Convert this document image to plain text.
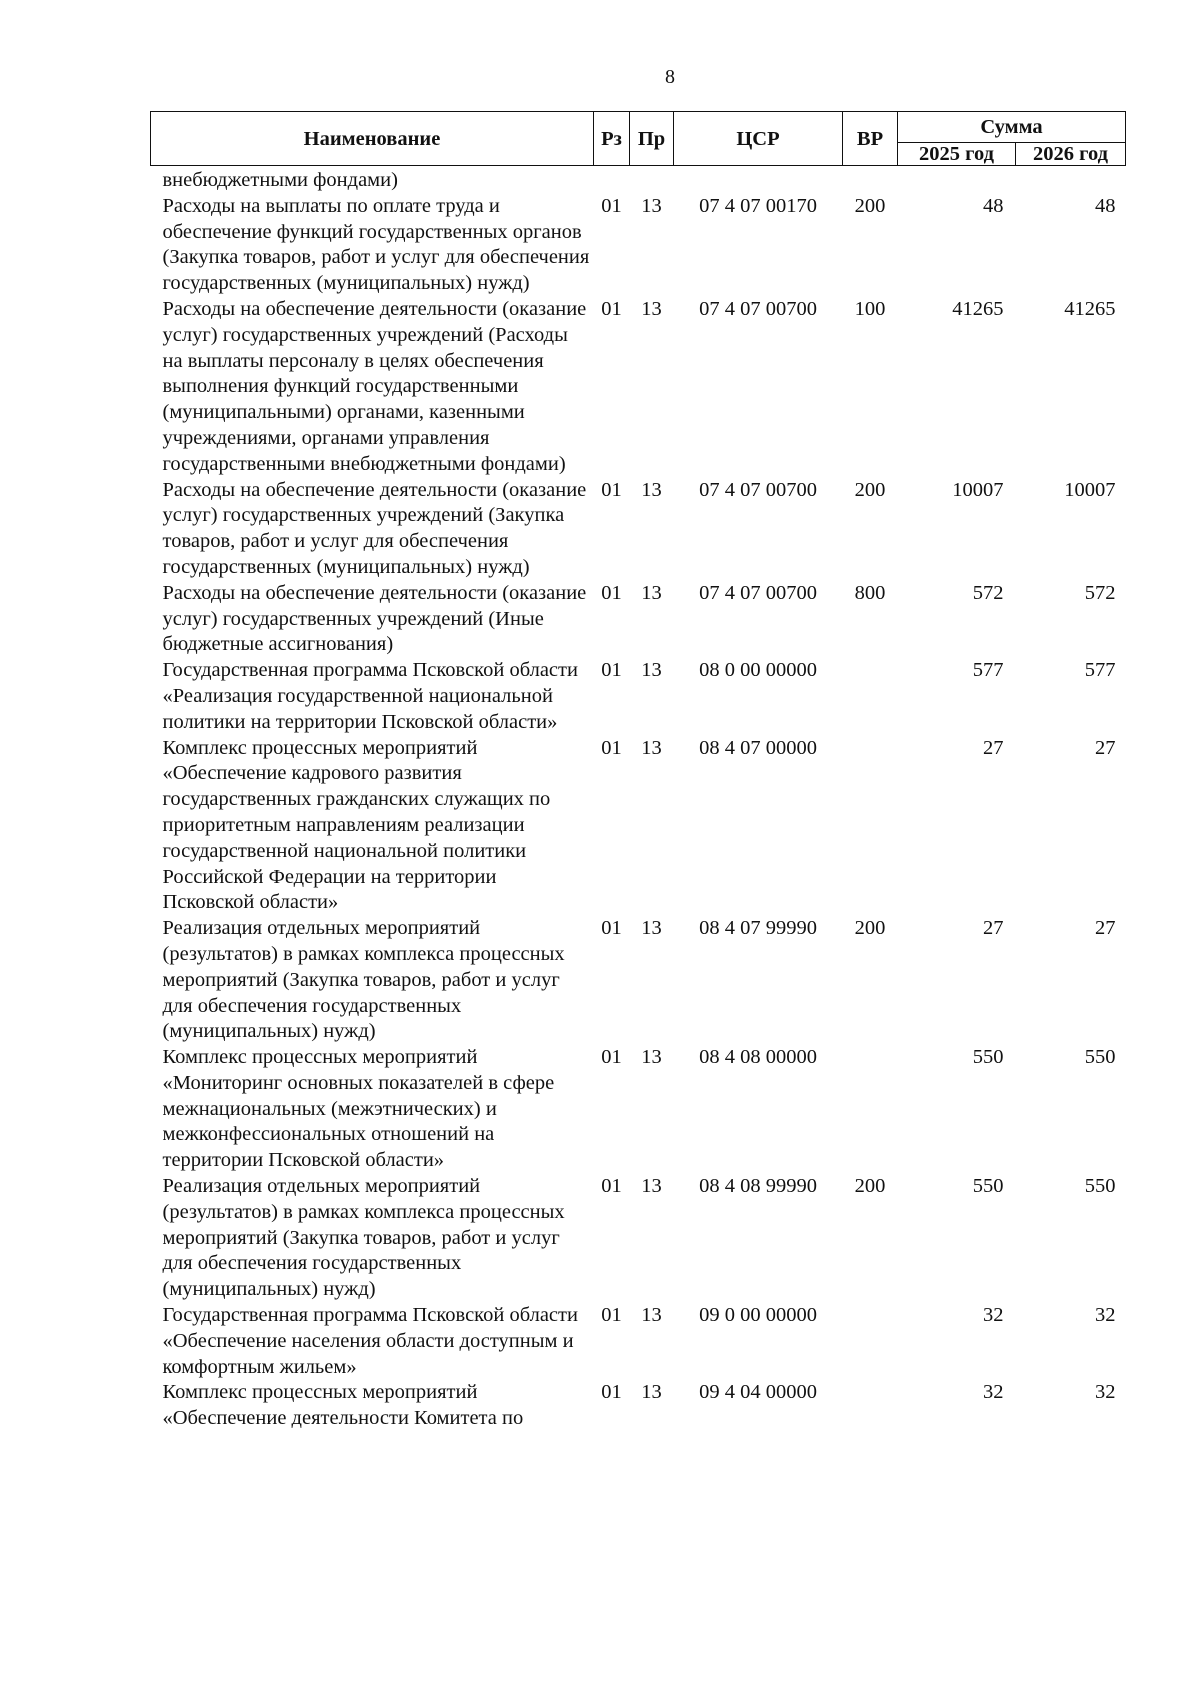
8
Наименование	Рз	Пр	ЦСР	ВР	Сумма	
					2025 год	2026 год
внебюджетными фондами)						
Расходы на выплаты по оплате труда и обеспечение функций государственных органов (Закупка товаров, работ и услуг для обеспечения государственных (муниципальных) нужд)	01	13	07 4 07 00170	200	48	48
Расходы на обеспечение деятельности (оказание услуг) государственных учреждений (Расходы на выплаты персоналу в целях обеспечения выполнения функций государственными (муниципальными) органами, казенными учреждениями, органами управления государственными внебюджетными фондами)	01	13	07 4 07 00700	100	41265	41265
Расходы на обеспечение деятельности (оказание услуг) государственных учреждений (Закупка товаров, работ и услуг для обеспечения государственных (муниципальных) нужд)	01	13	07 4 07 00700	200	10007	10007
Расходы на обеспечение деятельности (оказание услуг) государственных учреждений (Иные бюджетные ассигнования)	01	13	07 4 07 00700	800	572	572
Государственная программа Псковской области «Реализация государственной национальной политики на территории Псковской области»	01	13	08 0 00 00000		577	577
Комплекс процессных мероприятий «Обеспечение кадрового развития государственных гражданских служащих по приоритетным направлениям реализации государственной национальной политики Российской Федерации на территории Псковской области»	01	13	08 4 07 00000		27	27
Реализация отдельных мероприятий (результатов) в рамках комплекса процессных мероприятий (Закупка товаров, работ и услуг для обеспечения государственных (муниципальных) нужд)	01	13	08 4 07 99990	200	27	27
Комплекс процессных мероприятий «Мониторинг основных показателей в сфере межнациональных (межэтнических) и межконфессиональных отношений на территории Псковской области»	01	13	08 4 08 00000		550	550
Реализация отдельных мероприятий (результатов) в рамках комплекса процессных мероприятий (Закупка товаров, работ и услуг для обеспечения государственных (муниципальных) нужд)	01	13	08 4 08 99990	200	550	550
Государственная программа Псковской области «Обеспечение населения области доступным и комфортным жильем»	01	13	09 0 00 00000		32	32
Комплекс процессных мероприятий «Обеспечение деятельности Комитета по	01	13	09 4 04 00000		32	32
